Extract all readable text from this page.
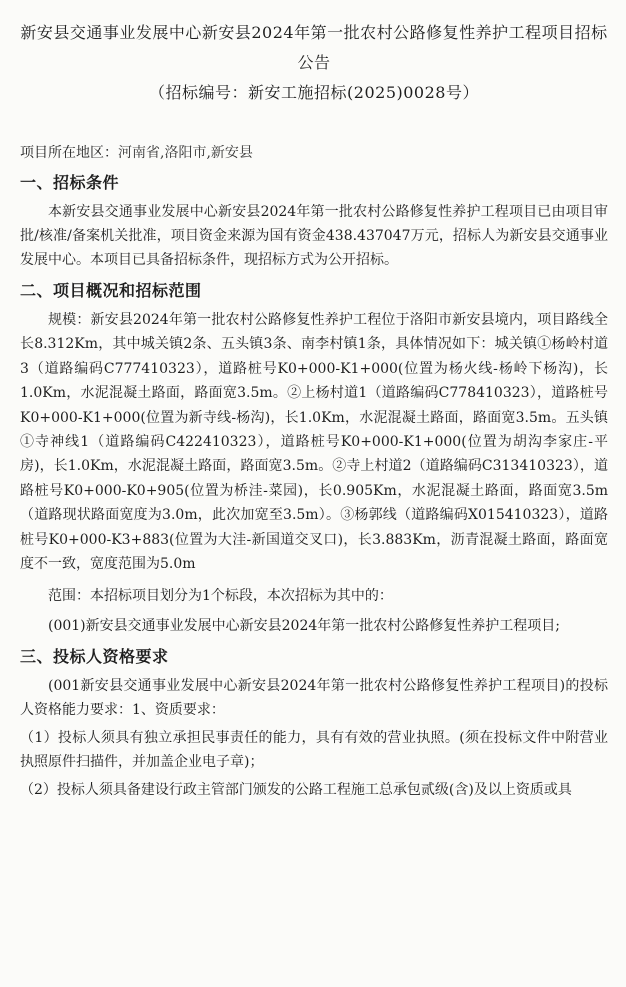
新安县交通事业发展中心新安县2024年第一批农村公路修复性养护工程项目招标公告
（招标编号：新安工施招标(2025)0028号）
项目所在地区：河南省,洛阳市,新安县
一、招标条件

本新安县交通事业发展中心新安县2024年第一批农村公路修复性养护工程项目已由项目审批/核准/备案机关批准，项目资金来源为国有资金438.437047万元，招标人为新安县交通事业发展中心。本项目已具备招标条件，现招标方式为公开招标。

二、项目概况和招标范围

规模：新安县2024年第一批农村公路修复性养护工程位于洛阳市新安县境内，项目路线全长8.312Km，其中城关镇2条、五头镇3条、南李村镇1条，具体情况如下：城关镇①杨岭村道3（道路编码C777410323），道路桩号K0+000-K1+000(位置为杨火线-杨岭下杨沟)，长1.0Km，水泥混凝土路面，路面宽3.5m。②上杨村道1（道路编码C778410323），道路桩号K0+000-K1+000(位置为新寺线-杨沟)，长1.0Km，水泥混凝土路面，路面宽3.5m。五头镇①寺神线1（道路编码C422410323），道路桩号K0+000-K1+000(位置为胡沟李家庄-平房)，长1.0Km，水泥混凝土路面，路面宽3.5m。②寺上村道2（道路编码C313410323），道路桩号K0+000-K0+905(位置为桥洼-菜园)，长0.905Km，水泥混凝土路面，路面宽3.5m（道路现状路面宽度为3.0m，此次加宽至3.5m）。③杨郭线（道路编码X015410323），道路桩号K0+000-K3+883(位置为大洼-新国道交叉口)，长3.883Km，沥青混凝土路面，路面宽度不一致，宽度范围为5.0m

范围：本招标项目划分为1个标段，本次招标为其中的：

(001)新安县交通事业发展中心新安县2024年第一批农村公路修复性养护工程项目;

三、投标人资格要求

(001新安县交通事业发展中心新安县2024年第一批农村公路修复性养护工程项目)的投标人资格能力要求：1、资质要求：

（1）投标人须具有独立承担民事责任的能力，具有有效的营业执照。(须在投标文件中附营业执照原件扫描件，并加盖企业电子章)；

（2）投标人须具备建设行政主管部门颁发的公路工程施工总承包贰级(含)及以上资质或具
